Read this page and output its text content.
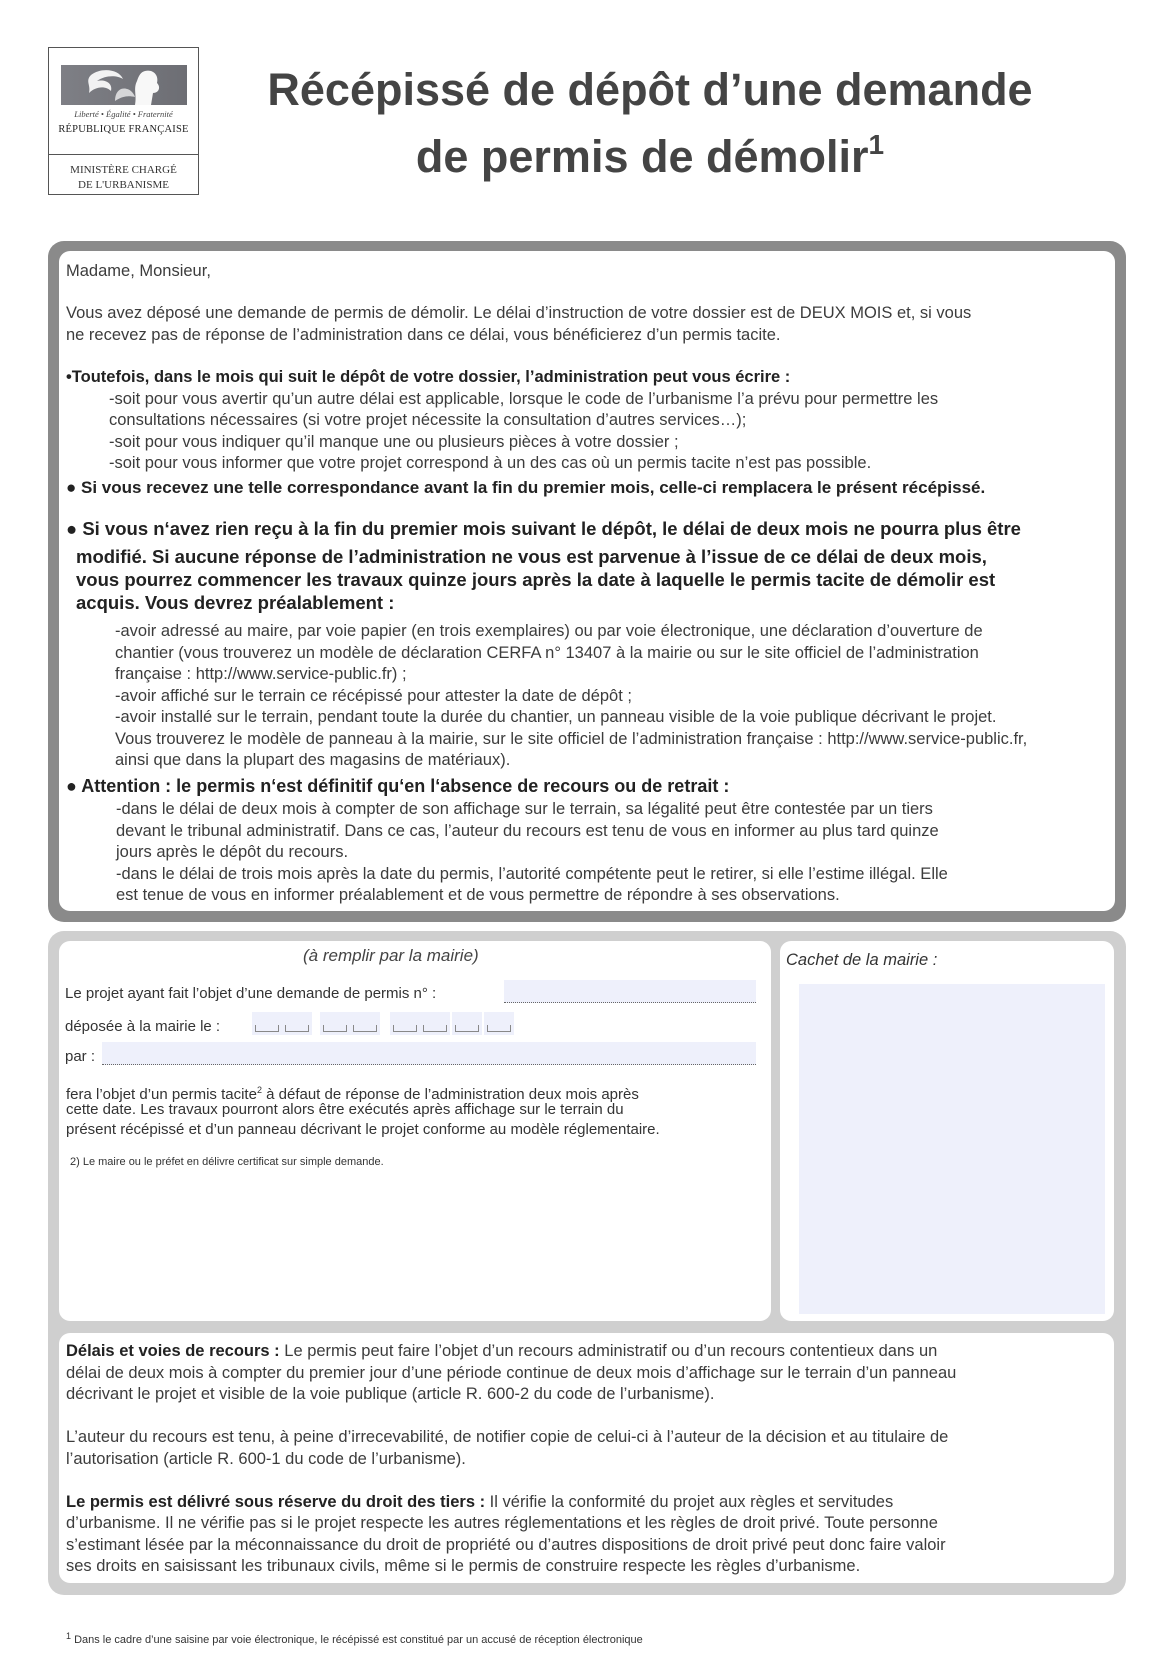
Liberté • Égalité • Fraternité
RÉPUBLIQUE FRANÇAISE
MINISTÈRE CHARGÉ
DE L'URBANISME
Récépissé de dépôt d’une demande
de permis de démolir$^1$
Madame, Monsieur,
Vous avez déposé une demande de permis de démolir. Le délai d’instruction de votre dossier est de DEUX MOIS et, si vous
ne recevez pas de réponse de l’administration dans ce délai, vous bénéficierez d’un permis tacite.
•Toutefois, dans le mois qui suit le dépôt de votre dossier, l’administration peut vous écrire :
-soit pour vous avertir qu’un autre délai est applicable, lorsque le code de l’urbanisme l’a prévu pour permettre les
consultations nécessaires (si votre projet nécessite la consultation d’autres services…);
-soit pour vous indiquer qu’il manque une ou plusieurs pièces à votre dossier ;
-soit pour vous informer que votre projet correspond à un des cas où un permis tacite n’est pas possible.
● Si vous recevez une telle correspondance avant la fin du premier mois, celle-ci remplacera le présent récépissé.
● Si vous n‘avez rien reçu à la fin du premier mois suivant le dépôt, le délai de deux mois ne pourra plus être
modifié. Si aucune réponse de l’administration ne vous est parvenue à l’issue de ce délai de deux mois,
vous pourrez commencer les travaux quinze jours après la date à laquelle le permis tacite de démolir est
acquis. Vous devrez préalablement :
-avoir adressé au maire, par voie papier (en trois exemplaires) ou par voie électronique, une déclaration d’ouverture de
chantier (vous trouverez un modèle de déclaration CERFA n° 13407 à la mairie ou sur le site officiel de l’administration
française : http://www.service-public.fr) ;
-avoir affiché sur le terrain ce récépissé pour attester la date de dépôt ;
-avoir installé sur le terrain, pendant toute la durée du chantier, un panneau visible de la voie publique décrivant le projet.
Vous trouverez le modèle de panneau à la mairie, sur le site officiel de l’administration française : http://www.service-public.fr,
ainsi que dans la plupart des magasins de matériaux).
● Attention : le permis n‘est définitif qu‘en l‘absence de recours ou de retrait :
-dans le délai de deux mois à compter de son affichage sur le terrain, sa légalité peut être contestée par un tiers
devant le tribunal administratif. Dans ce cas, l’auteur du recours est tenu de vous en informer au plus tard quinze
jours après le dépôt du recours.
-dans le délai de trois mois après la date du permis, l’autorité compétente peut le retirer, si elle l’estime illégal. Elle
est tenue de vous en informer préalablement et de vous permettre de répondre à ses observations.
(à remplir par la mairie)
Le projet ayant fait l’objet d’une demande de permis n° :
déposée à la mairie le :
par :
fera l’objet d’un permis tacite$^2$ à défaut de réponse de l’administration deux mois après
cette date. Les travaux pourront alors être exécutés après affichage sur le terrain du
présent récépissé et d’un panneau décrivant le projet conforme au modèle réglementaire.
2) Le maire ou le préfet en délivre certificat sur simple demande.
Cachet de la mairie :
Délais et voies de recours : Le permis peut faire l’objet d’un recours administratif ou d’un recours contentieux dans un
délai de deux mois à compter du premier jour d’une période continue de deux mois d’affichage sur le terrain d’un panneau
décrivant le projet et visible de la voie publique (article R. 600-2 du code de l’urbanisme).
L’auteur du recours est tenu, à peine d’irrecevabilité, de notifier copie de celui-ci à l’auteur de la décision et au titulaire de
l’autorisation (article R. 600-1 du code de l’urbanisme).
Le permis est délivré sous réserve du droit des tiers : Il vérifie la conformité du projet aux règles et servitudes
d’urbanisme. Il ne vérifie pas si le projet respecte les autres réglementations et les règles de droit privé. Toute personne
s’estimant lésée par la méconnaissance du droit de propriété ou d’autres dispositions de droit privé peut donc faire valoir
ses droits en saisissant les tribunaux civils, même si le permis de construire respecte les règles d’urbanisme.
$^1$ Dans le cadre d’une saisine par voie électronique, le récépissé est constitué par un accusé de réception électronique
